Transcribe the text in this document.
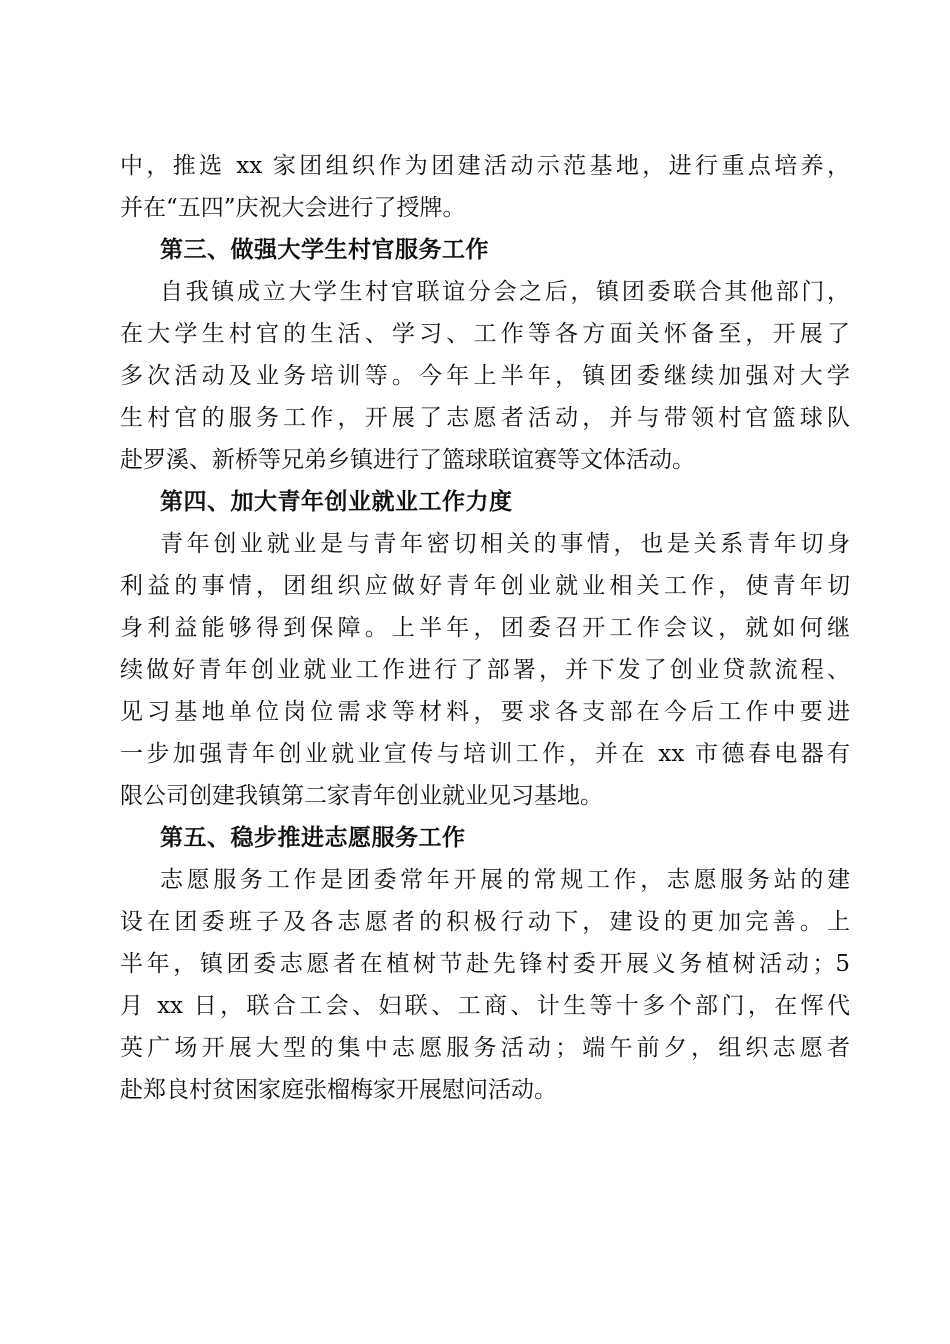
中，推选 xx 家团组织作为团建活动示范基地，进行重点培养，
并在“五四”庆祝大会进行了授牌。
第三、做强大学生村官服务工作
自我镇成立大学生村官联谊分会之后，镇团委联合其他部门，
在大学生村官的生活、学习、工作等各方面关怀备至，开展了
多次活动及业务培训等。今年上半年，镇团委继续加强对大学
生村官的服务工作，开展了志愿者活动，并与带领村官篮球队
赴罗溪、新桥等兄弟乡镇进行了篮球联谊赛等文体活动。
第四、加大青年创业就业工作力度
青年创业就业是与青年密切相关的事情，也是关系青年切身
利益的事情，团组织应做好青年创业就业相关工作，使青年切
身利益能够得到保障。上半年，团委召开工作会议，就如何继
续做好青年创业就业工作进行了部署，并下发了创业贷款流程、
见习基地单位岗位需求等材料，要求各支部在今后工作中要进
一步加强青年创业就业宣传与培训工作，并在 xx 市德春电器有
限公司创建我镇第二家青年创业就业见习基地。
第五、稳步推进志愿服务工作
志愿服务工作是团委常年开展的常规工作，志愿服务站的建
设在团委班子及各志愿者的积极行动下，建设的更加完善。上
半年，镇团委志愿者在植树节赴先锋村委开展义务植树活动；5
月 xx 日，联合工会、妇联、工商、计生等十多个部门，在恽代
英广场开展大型的集中志愿服务活动；端午前夕，组织志愿者
赴郑良村贫困家庭张榴梅家开展慰问活动。
